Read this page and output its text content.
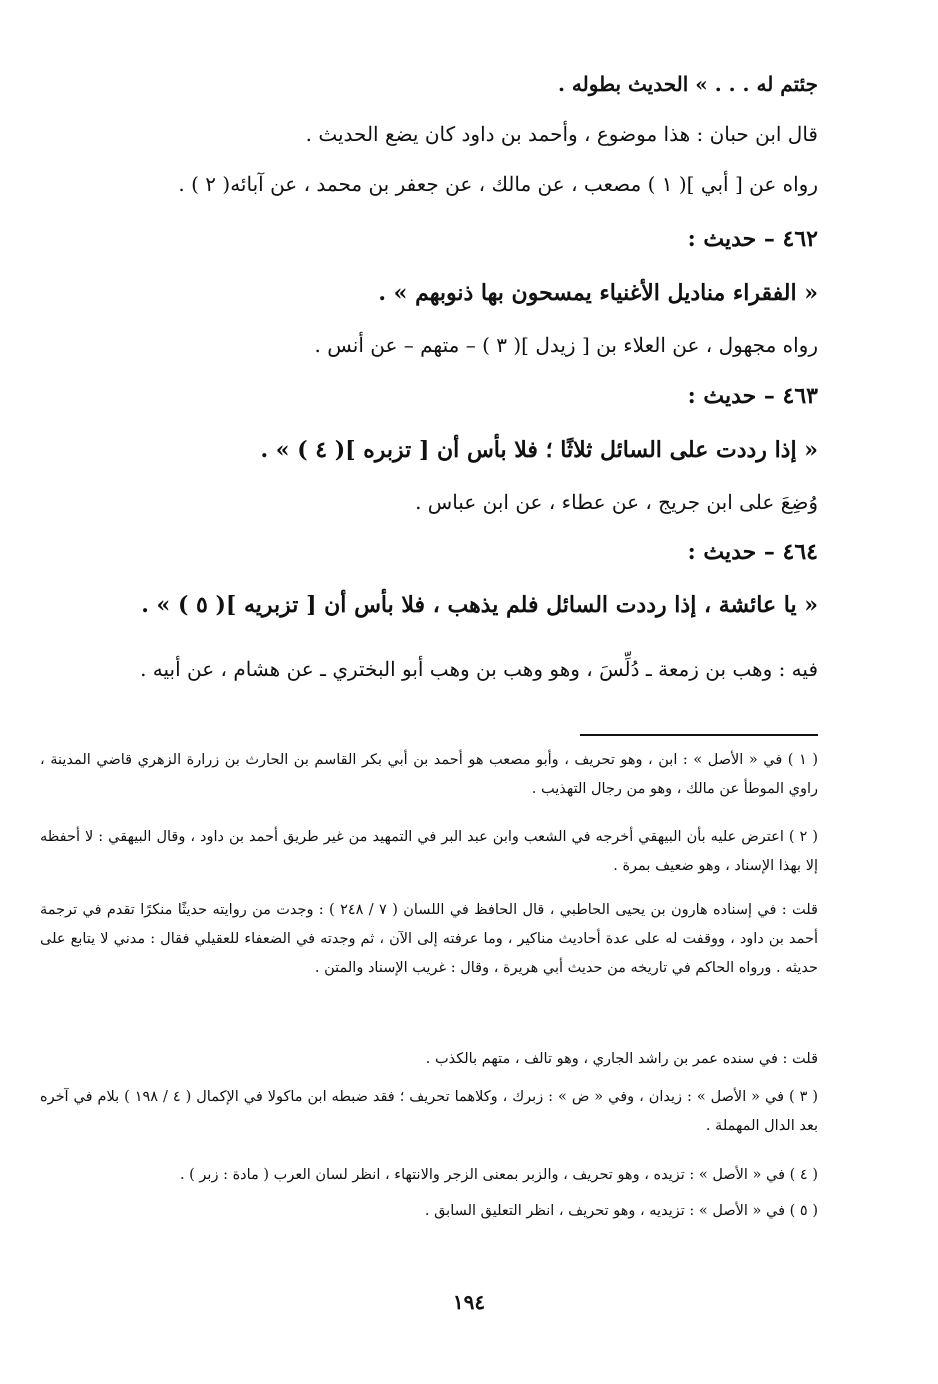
جئتم له . . . » الحديث بطوله .
قال ابن حبان : هذا موضوع ، وأحمد بن داود كان يضع الحديث .
رواه عن [ أبي ]( ١ ) مصعب ، عن مالك ، عن جعفر بن محمد ، عن آبائه( ٢ ) .
٤٦٢ – حديث :
« الفقراء مناديل الأغنياء يمسحون بها ذنوبهم » .
رواه مجهول ، عن العلاء بن [ زيدل ]( ٣ ) – متهم – عن أنس .
٤٦٣ – حديث :
« إذا رددت على السائل ثلاثًا ؛ فلا بأس أن [ تزبره ]( ٤ ) » .
وُضِعَ على ابن جريج ، عن عطاء ، عن ابن عباس .
٤٦٤ – حديث :
« يا عائشة ، إذا رددت السائل فلم يذهب ، فلا بأس أن [ تزبريه ]( ٥ ) » .
فيه : وهب بن زمعة ـ دُلِّسَ ، وهو وهب بن وهب أبو البختري ـ عن هشام ، عن أبيه .
( ١ ) في « الأصل » : ابن ، وهو تحريف ، وأبو مصعب هو أحمد بن أبي بكر القاسم بن الحارث بن زرارة الزهري قاضي المدينة ، راوي الموطأ عن مالك ، وهو من رجال التهذيب .
( ٢ ) اعترض عليه بأن البيهقي أخرجه في الشعب وابن عبد البر في التمهيد من غير طريق أحمد بن داود ، وقال البيهقي : لا أحفظه إلا بهذا الإسناد ، وهو ضعيف بمرة .
قلت : في إسناده هارون بن يحيى الحاطبي ، قال الحافظ في اللسان ( ٧ / ٢٤٨ ) : وجدت من روايته حديثًا منكرًا تقدم في ترجمة أحمد بن داود ، ووقفت له على عدة أحاديث مناكير ، وما عرفته إلى الآن ، ثم وجدته في الضعفاء للعقيلي فقال : مدني لا يتابع على حديثه . ورواه الحاكم في تاريخه من حديث أبي هريرة ، وقال : غريب الإسناد والمتن .
قلت : في سنده عمر بن راشد الجاري ، وهو تالف ، متهم بالكذب .
( ٣ ) في « الأصل » : زيدان ، وفي « ض » : زبرك ، وكلاهما تحريف ؛ فقد ضبطه ابن ماكولا في الإكمال ( ٤ / ١٩٨ ) بلام في آخره بعد الدال المهملة .
( ٤ ) في « الأصل » : تزيده ، وهو تحريف ، والزبر بمعنى الزجر والانتهاء ، انظر لسان العرب ( مادة : زبر ) .
( ٥ ) في « الأصل » : تزيديه ، وهو تحريف ، انظر التعليق السابق .
١٩٤
